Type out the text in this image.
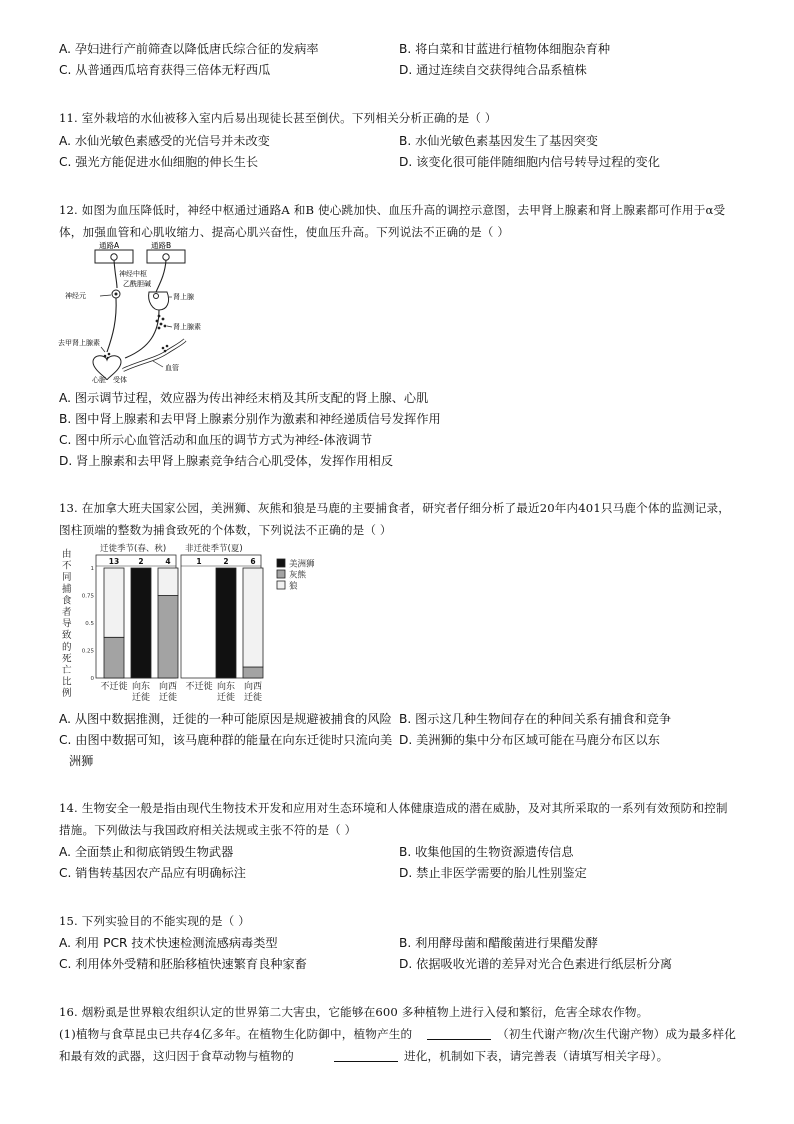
A. 孕妇进行产前筛查以降低唐氏综合征的发病率	B. 将白菜和甘蓝进行植物体细胞杂育种
C. 从普通西瓜培育获得三倍体无籽西瓜	D. 通过连续自交获得纯合品系植株
11. 室外栽培的水仙被移入室内后易出现徒长甚至倒伏。下列相关分析正确的是（ ）
A. 水仙光敏色素感受的光信号并未改变	B. 水仙光敏色素基因发生了基因突变
C. 强光方能促进水仙细胞的伸长生长	D. 该变化很可能伴随细胞内信号转导过程的变化
12. 如图为血压降低时，神经中枢通过通路A 和B 使心跳加快、血压升高的调控示意图，去甲肾上腺素和肾上腺素都可作用于α受
体，加强血管和心肌收缩力、提高心肌兴奋性，使血压升高。下列说法不正确的是（ ）
通路A	通路B
神经中枢
乙酰胆碱
神经元	肾上腺
肾上腺素
去甲肾上腺素
心脏 受体
血管
A. 图示调节过程，效应器为传出神经末梢及其所支配的肾上腺、心肌
B. 图中肾上腺素和去甲肾上腺素分别作为激素和神经递质信号发挥作用
C. 图中所示心血管活动和血压的调节方式为神经-体液调节
D. 肾上腺素和去甲肾上腺素竞争结合心肌受体，发挥作用相反
13. 在加拿大班夫国家公园，美洲狮、灰熊和狼是马鹿的主要捕食者，研究者仔细分析了最近20年内401只马鹿个体的监测记录，
图柱顶端的整数为捕食致死的个体数，下列说法不正确的是（ ）
由
不
同
捕
食
者
导
致
的
死
亡
比
例
迁徙季节(春、秋)
0
0.25
0.5
0.75
1
13
不迁徙
2
向东
迁徙
4
向西
迁徙
非迁徙季节(夏)
1
不迁徙
2
向东
迁徙
6
向西
迁徙
美洲狮
灰熊
狼
A. 从图中数据推测，迁徙的一种可能原因是规避被捕食的风险 B. 图示这几种生物间存在的种间关系有捕食和竞争
C. 由图中数据可知，该马鹿种群的能量在向东迁徙时只流向美
洲狮
D. 美洲狮的集中分布区域可能在马鹿分布区以东
14. 生物安全一般是指由现代生物技术开发和应用对生态环境和人体健康造成的潜在威胁，及对其所采取的一系列有效预防和控制
措施。下列做法与我国政府相关法规或主张不符的是（ ）
A. 全面禁止和彻底销毁生物武器	B. 收集他国的生物资源遗传信息
C. 销售转基因农产品应有明确标注	D. 禁止非医学需要的胎儿性别鉴定
15. 下列实验目的不能实现的是（ ）
A. 利用 PCR 技术快速检测流感病毒类型	B. 利用酵母菌和醋酸菌进行果醋发酵
C. 利用体外受精和胚胎移植快速繁育良种家畜	D. 依据吸收光谱的差异对光合色素进行纸层析分离
16. 烟粉虱是世界粮农组织认定的世界第二大害虫，它能够在600 多种植物上进行入侵和繁衍，危害全球农作物。
(1)植物与食草昆虫已共存4亿多年。在植物生化防御中，植物产生的	（初生代谢产物/次生代谢产物）成为最多样化
和最有效的武器，这归因于食草动物与植物的	进化，机制如下表，请完善表（请填写相关字母）。
